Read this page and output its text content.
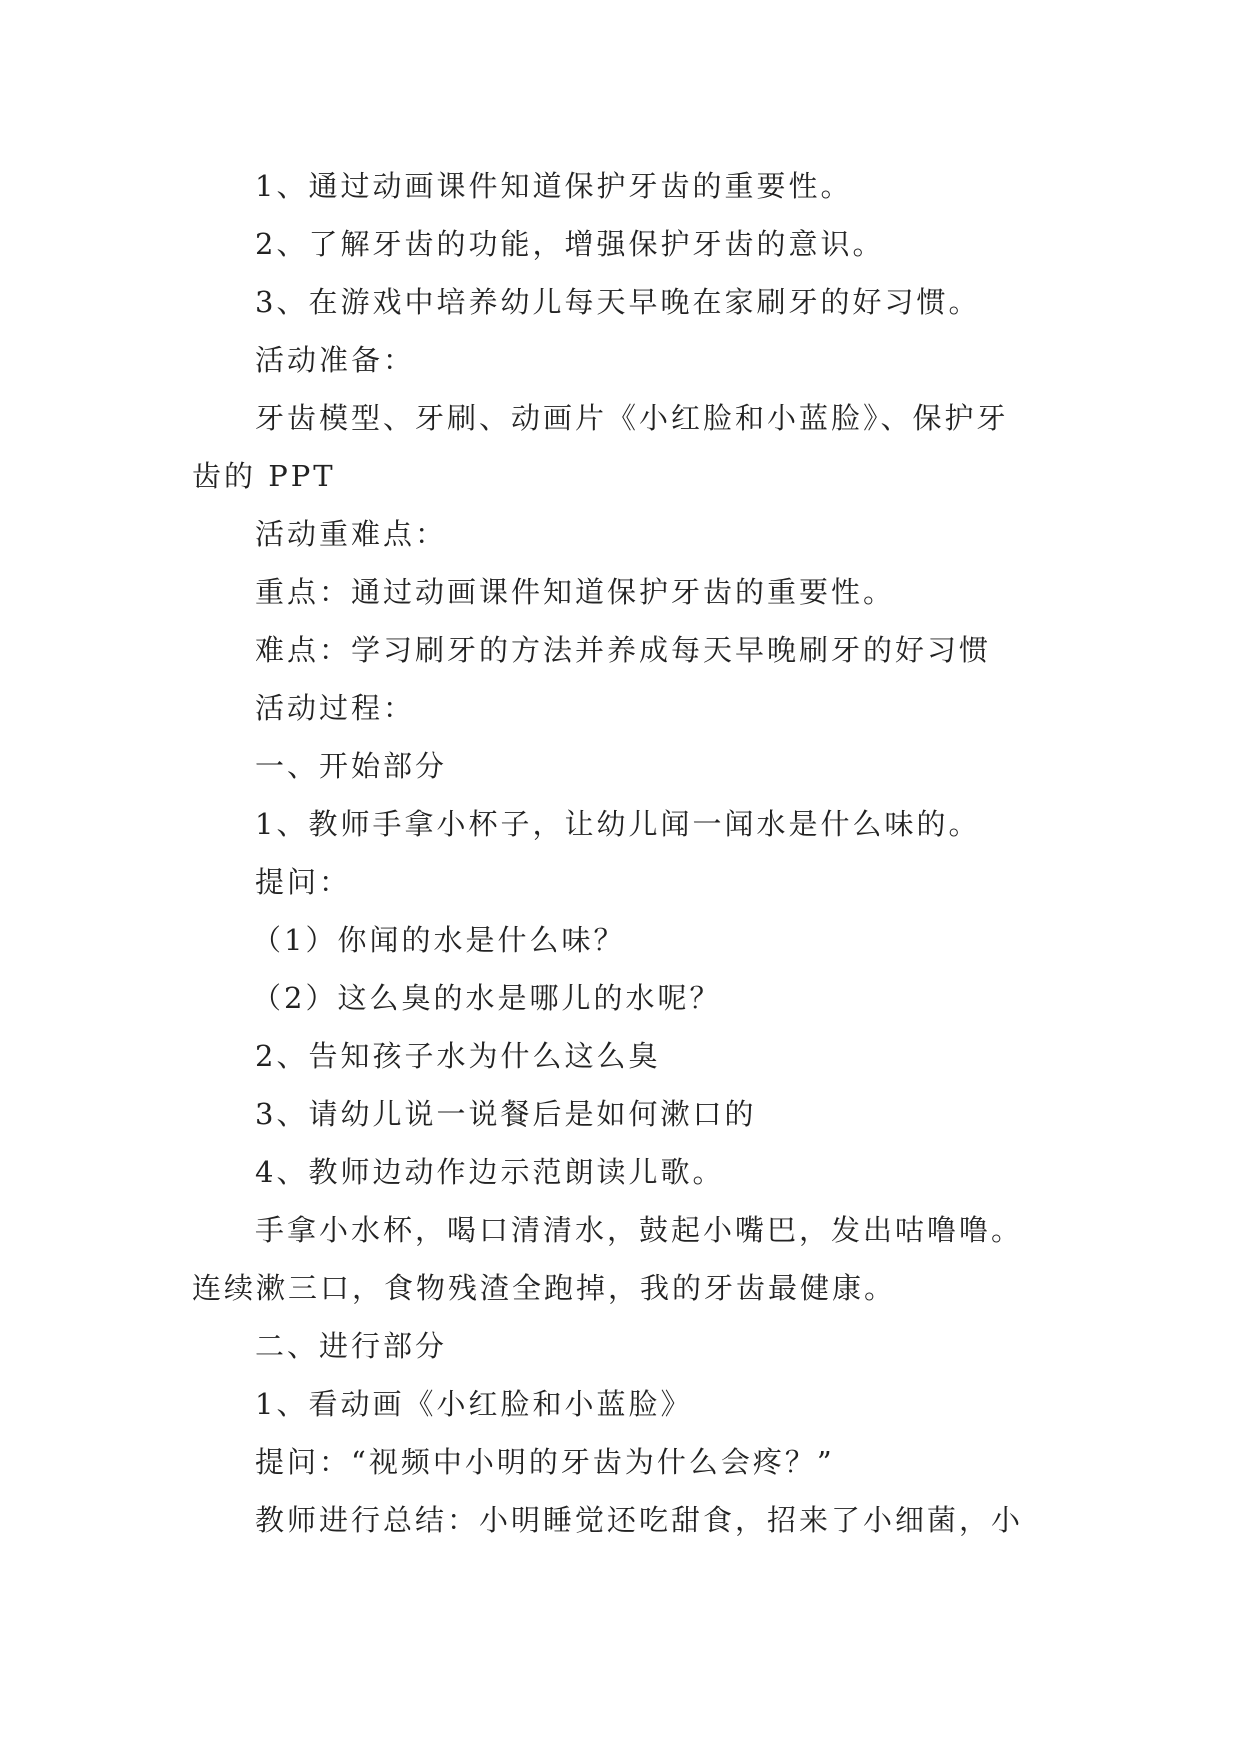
1、通过动画课件知道保护牙齿的重要性。
2、了解牙齿的功能，增强保护牙齿的意识。
3、在游戏中培养幼儿每天早晚在家刷牙的好习惯。
活动准备：
牙齿模型、牙刷、动画片《小红脸和小蓝脸》、保护牙
齿的 PPT
活动重难点：
重点：通过动画课件知道保护牙齿的重要性。
难点：学习刷牙的方法并养成每天早晚刷牙的好习惯
活动过程：
一、开始部分
1、教师手拿小杯子，让幼儿闻一闻水是什么味的。
提问：
（1）你闻的水是什么味？
（2）这么臭的水是哪儿的水呢？
2、告知孩子水为什么这么臭
3、请幼儿说一说餐后是如何漱口的
4、教师边动作边示范朗读儿歌。
手拿小水杯，喝口清清水，鼓起小嘴巴，发出咕噜噜。
连续漱三口，食物残渣全跑掉，我的牙齿最健康。
二、进行部分
1、看动画《小红脸和小蓝脸》
提问：“视频中小明的牙齿为什么会疼？”
教师进行总结：小明睡觉还吃甜食，招来了小细菌，小
